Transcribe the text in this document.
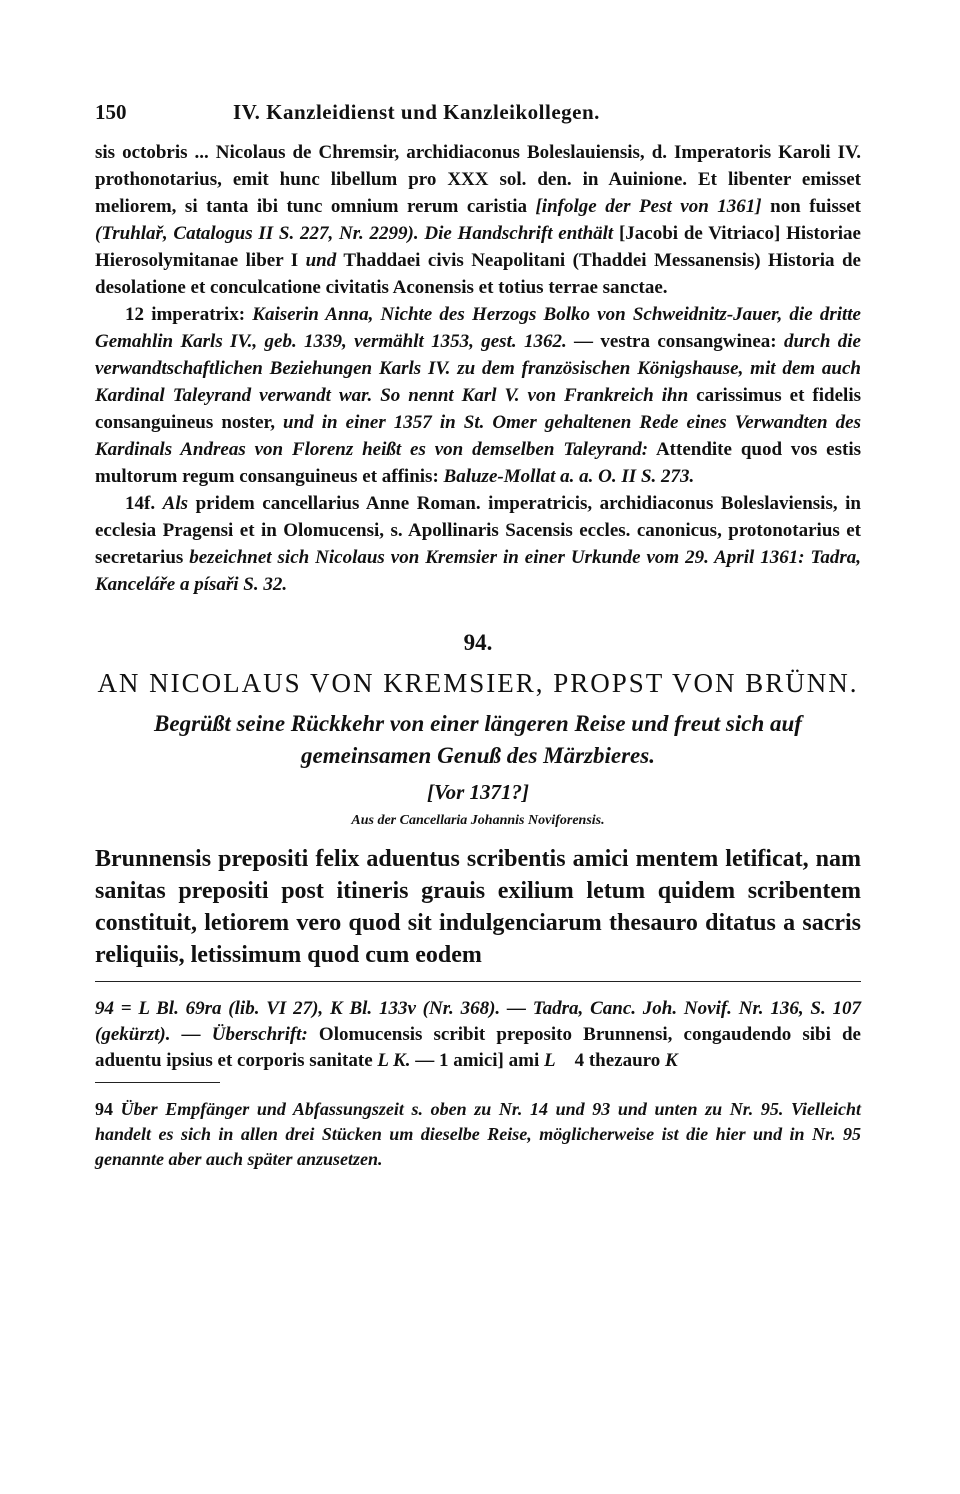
150	IV. Kanzleidienst und Kanzleikollegen.

sis octobris ... Nicolaus de Chremsir, archidiaconus Boleslauiensis, d. Imperatoris Karoli IV. prothonotarius, emit hunc libellum pro XXX sol. den. in Auinione. Et libenter emisset meliorem, si tanta ibi tunc omnium rerum caristia [infolge der Pest von 1361] non fuisset (Truhlař, Catalogus II S. 227, Nr. 2299). Die Handschrift enthält [Jacobi de Vitriaco] Historiae Hierosolymitanae liber I und Thaddaei civis Neapolitani (Thaddei Messanensis) Historia de desolatione et conculcatione civitatis Aconensis et totius terrae sanctae.

12 imperatrix: Kaiserin Anna, Nichte des Herzogs Bolko von Schweidnitz-Jauer, die dritte Gemahlin Karls IV., geb. 1339, vermählt 1353, gest. 1362. — vestra consangwinea: durch die verwandtschaftlichen Beziehungen Karls IV. zu dem französischen Königshause, mit dem auch Kardinal Taleyrand verwandt war. So nennt Karl V. von Frankreich ihn carissimus et fidelis consanguineus noster, und in einer 1357 in St. Omer gehaltenen Rede eines Verwandten des Kardinals Andreas von Florenz heißt es von demselben Taleyrand: Attendite quod vos estis multorum regum consanguineus et affinis: Baluze-Mollat a. a. O. II S. 273.

14f. Als pridem cancellarius Anne Roman. imperatricis, archidiaconus Boleslaviensis, in ecclesia Pragensi et in Olomucensi, s. Apollinaris Sacensis eccles. canonicus, protonotarius et secretarius bezeichnet sich Nicolaus von Kremsier in einer Urkunde vom 29. April 1361: Tadra, Kanceláře a písaři S. 32.

94.
AN NICOLAUS VON KREMSIER, PROPST VON BRÜNN.
Begrüßt seine Rückkehr von einer längeren Reise und freut sich auf gemeinsamen Genuß des Märzbieres.
[Vor 1371?]
Aus der Cancellaria Johannis Noviforensis.
Brunnensis prepositi felix aduentus scribentis amici mentem letificat, nam sanitas prepositi post itineris grauis exilium letum quidem scribentem constituit, letiorem vero quod sit indulgenciarum thesauro ditatus a sacris reliquiis, letissimum quod cum eodem
94 = L Bl. 69ra (lib. VI 27), K Bl. 133v (Nr. 368). — Tadra, Canc. Joh. Novif. Nr. 136, S. 107 (gekürzt). — Überschrift: Olomucensis scribit preposito Brunnensi, congaudendo sibi de aduentu ipsius et corporis sanitate L K. — 1 amici] ami L    4 thezauro K
94 Über Empfänger und Abfassungszeit s. oben zu Nr. 14 und 93 und unten zu Nr. 95. Vielleicht handelt es sich in allen drei Stücken um dieselbe Reise, möglicherweise ist die hier und in Nr. 95 genannte aber auch später anzusetzen.
